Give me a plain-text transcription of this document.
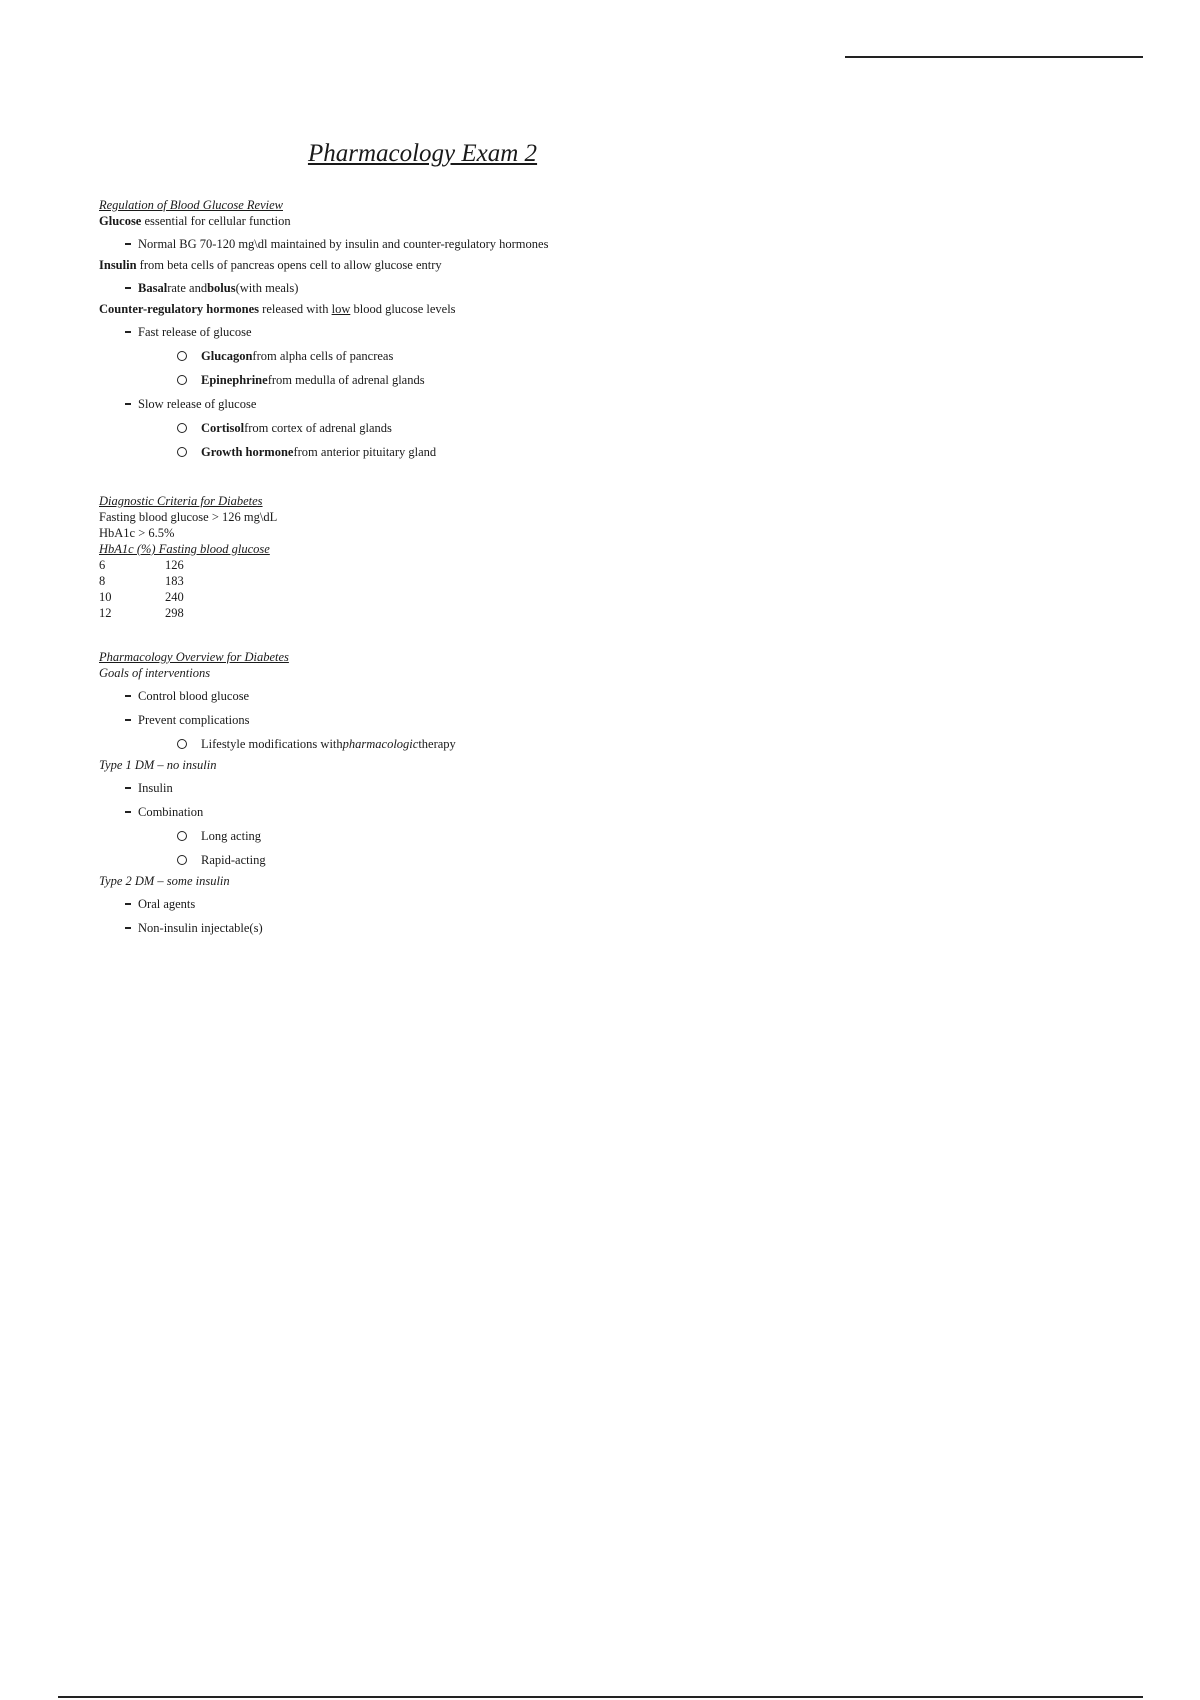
Pharmacology Exam 2
Regulation of Blood Glucose Review
Glucose essential for cellular function
Normal BG 70-120 mg\dl maintained by insulin and counter-regulatory hormones
Insulin from beta cells of pancreas opens cell to allow glucose entry
Basal rate and bolus (with meals)
Counter-regulatory hormones released with low blood glucose levels
Fast release of glucose
Glucagon from alpha cells of pancreas
Epinephrine from medulla of adrenal glands
Slow release of glucose
Cortisol from cortex of adrenal glands
Growth hormone from anterior pituitary gland
Diagnostic Criteria for Diabetes
Fasting blood glucose > 126 mg\dL
HbA1c > 6.5%
HbA1c (%) Fasting blood glucose
6	126
8	183
10	240
12	298
Pharmacology Overview for Diabetes
Goals of interventions
Control blood glucose
Prevent complications
Lifestyle modifications with pharmacologic therapy
Type 1 DM – no insulin
Insulin
Combination
Long acting
Rapid-acting
Type 2 DM – some insulin
Oral agents
Non-insulin injectable(s)
